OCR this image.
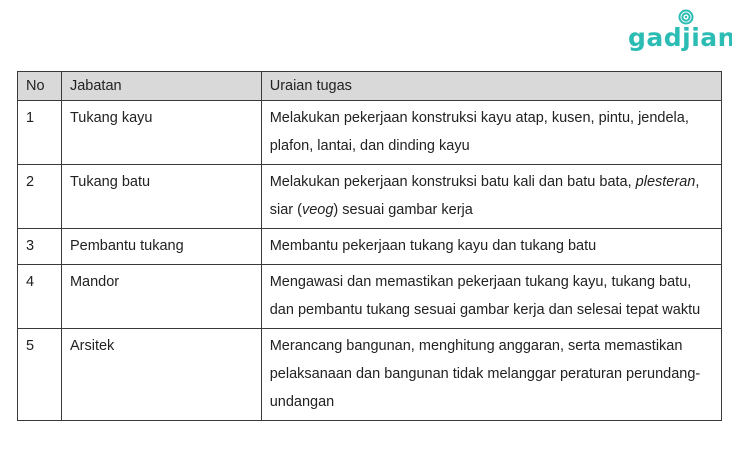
gadjian
No	Jabatan	Uraian tugas
1	Tukang kayu	Melakukan pekerjaan konstruksi kayu atap, kusen, pintu, jendela, plafon, lantai, dan dinding kayu
2	Tukang batu	Melakukan pekerjaan konstruksi batu kali dan batu bata, plesteran, siar (veog) sesuai gambar kerja
3	Pembantu tukang	Membantu pekerjaan tukang kayu dan tukang batu
4	Mandor	Mengawasi dan memastikan pekerjaan tukang kayu, tukang batu, dan pembantu tukang sesuai gambar kerja dan selesai tepat waktu
5	Arsitek	Merancang bangunan, menghitung anggaran, serta memastikan pelaksanaan dan bangunan tidak melanggar peraturan perundang-undangan
